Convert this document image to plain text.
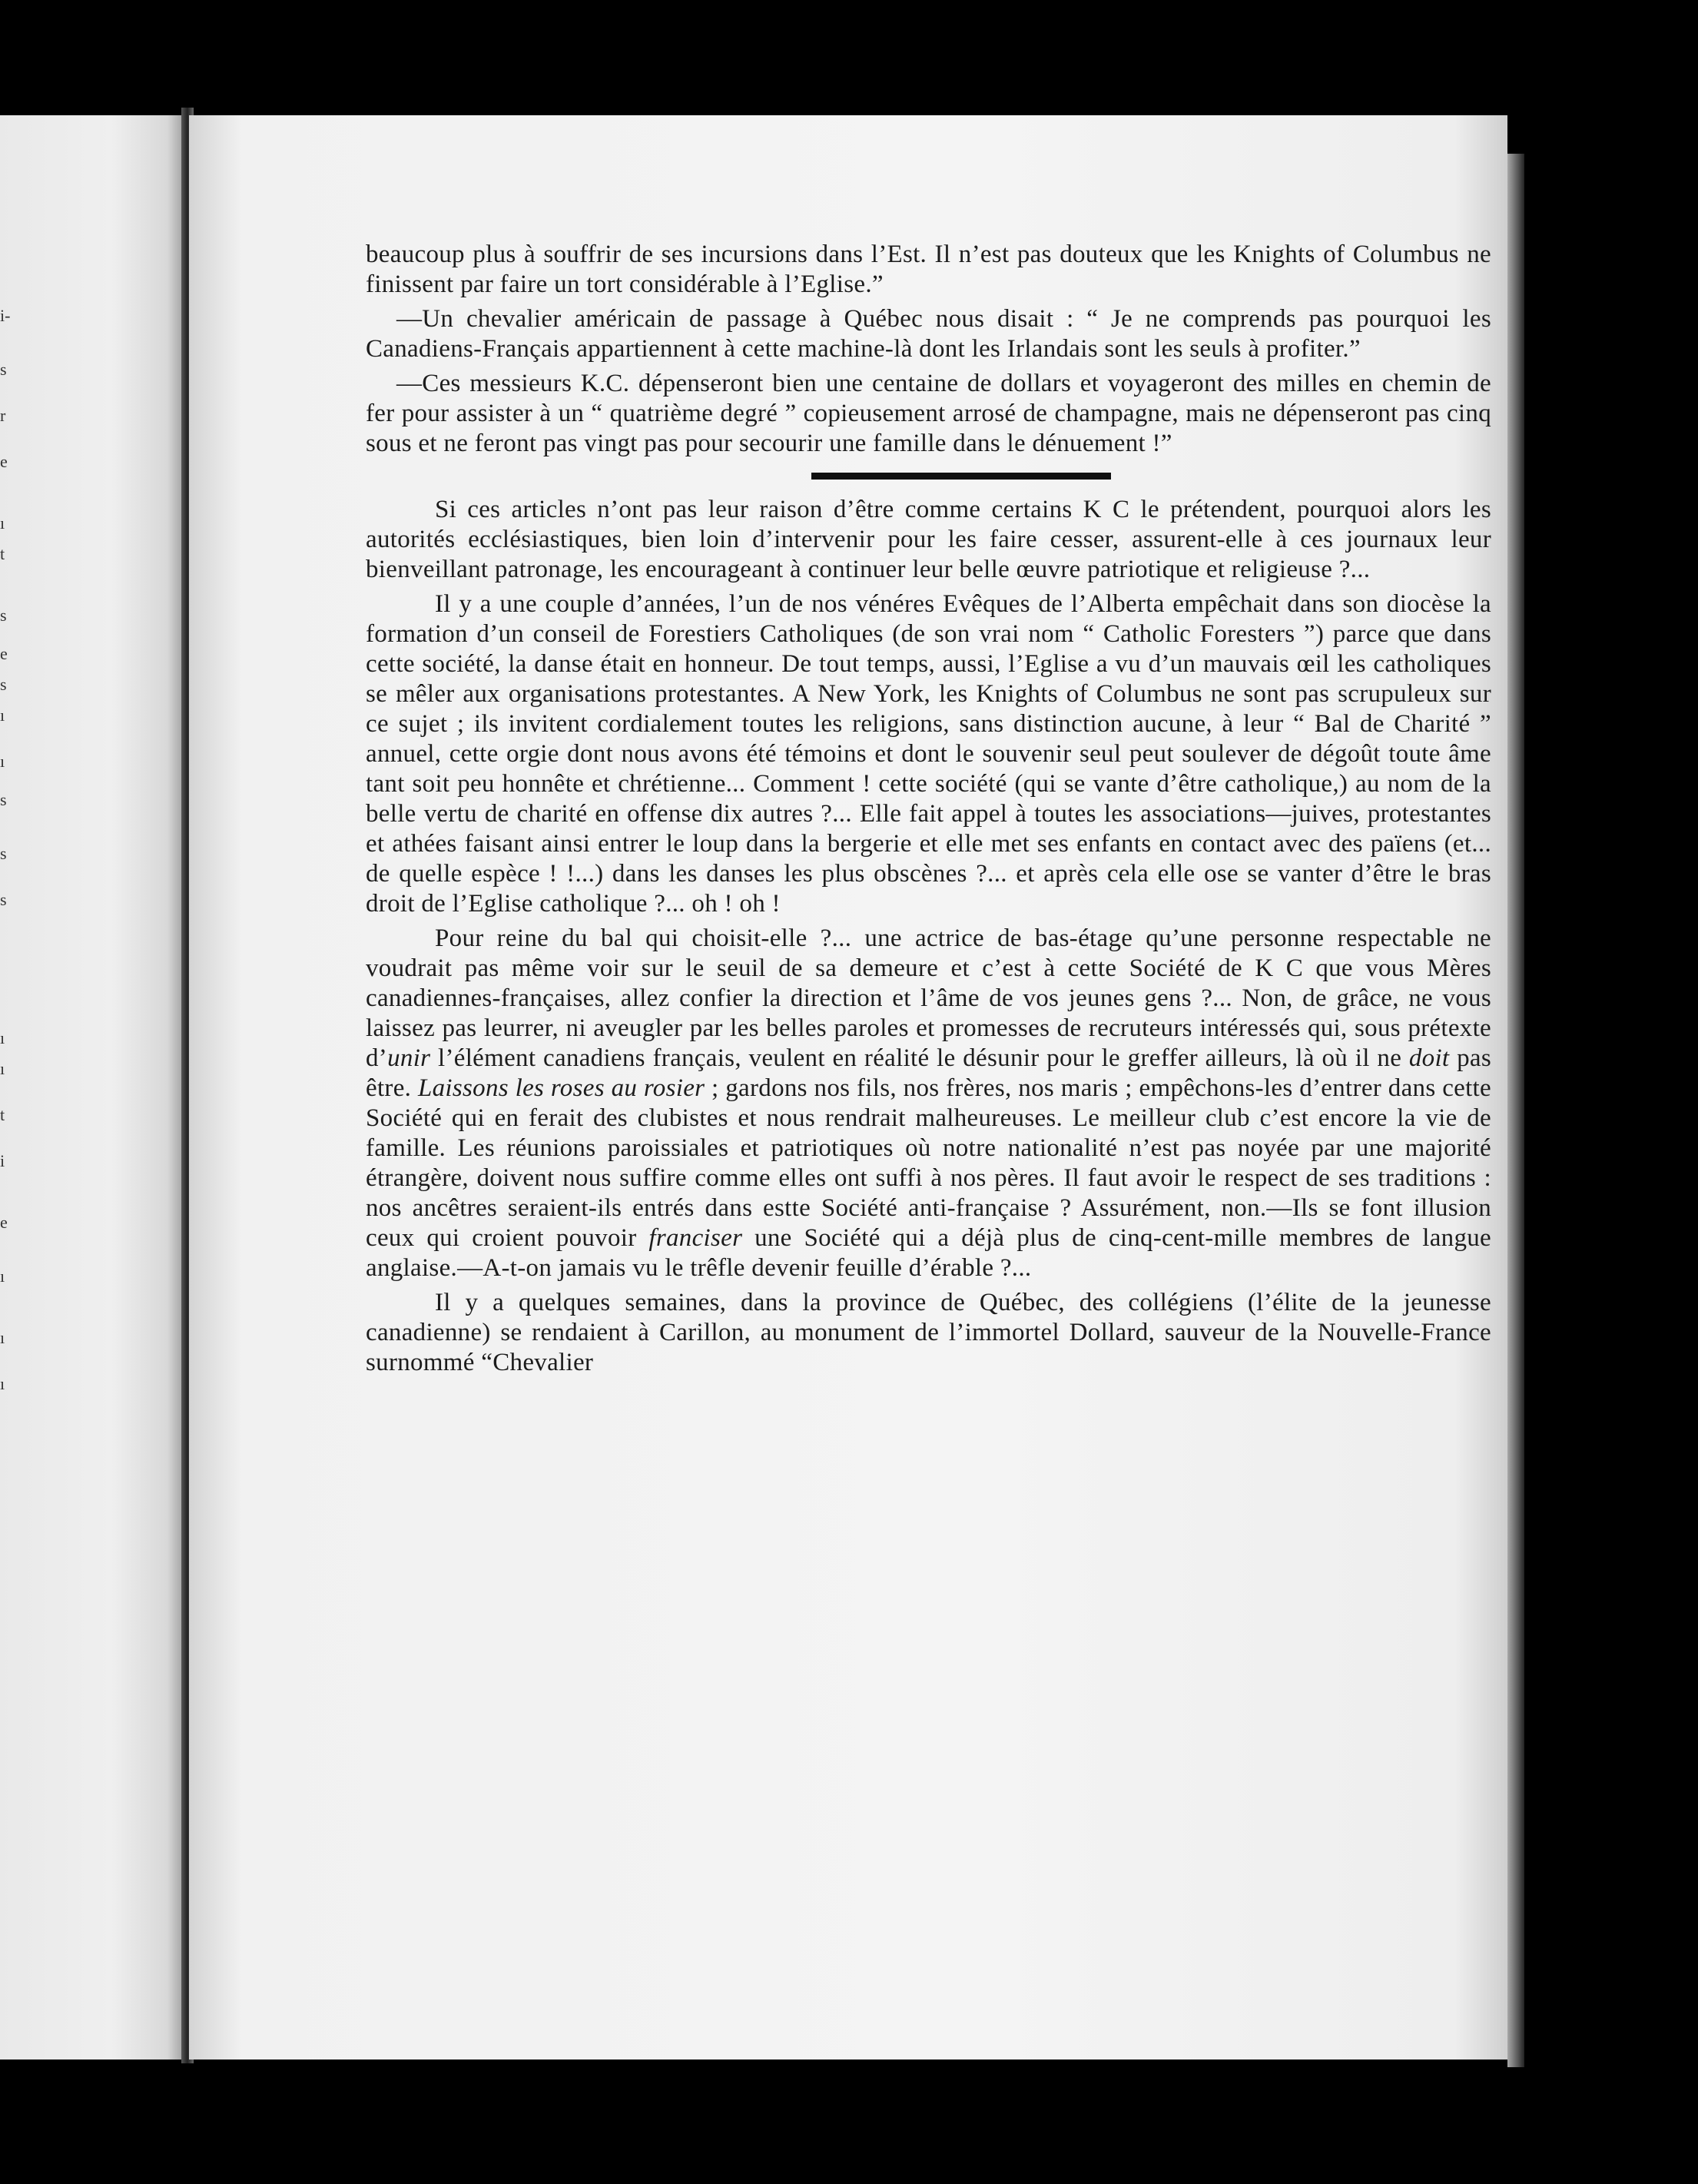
i-
s
r
e
ı
t
s
e
s
ı
ı
s
s
s
ı
ı
t
i
e
ı
ı
ı

beaucoup plus à souffrir de ses incursions dans l’Est. Il n’est pas douteux que les Knights of Columbus ne finissent par faire un tort considérable à l’Eglise.”

—Un chevalier américain de passage à Québec nous disait : “ Je ne comprends pas pourquoi les Canadiens-Français appartiennent à cette machine-là dont les Irlandais sont les seuls à profiter.”

—Ces messieurs K.C. dépenseront bien une centaine de dollars et voyageront des milles en chemin de fer pour assister à un “ quatrième degré ” copieusement arrosé de champagne, mais ne dépenseront pas cinq sous et ne feront pas vingt pas pour secourir une famille dans le dénuement !”

Si ces articles n’ont pas leur raison d’être comme certains K C le prétendent, pourquoi alors les autorités ecclésiastiques, bien loin d’intervenir pour les faire cesser, assurent-elle à ces journaux leur bienveillant patronage, les encourageant à continuer leur belle œuvre patriotique et religieuse ?...

Il y a une couple d’années, l’un de nos vénéres Evêques de l’Alberta empêchait dans son diocèse la formation d’un conseil de Forestiers Catholiques (de son vrai nom “ Catholic Foresters ”) parce que dans cette société, la danse était en honneur. De tout temps, aussi, l’Eglise a vu d’un mauvais œil les catholiques se mêler aux organisations protestantes. A New York, les Knights of Columbus ne sont pas scrupuleux sur ce sujet ; ils invitent cordialement toutes les religions, sans distinction aucune, à leur “ Bal de Charité ” annuel, cette orgie dont nous avons été témoins et dont le souvenir seul peut soulever de dégoût toute âme tant soit peu honnête et chrétienne... Comment ! cette société (qui se vante d’être catholique,) au nom de la belle vertu de charité en offense dix autres ?... Elle fait appel à toutes les associations—juives, protestantes et athées faisant ainsi entrer le loup dans la bergerie et elle met ses enfants en contact avec des païens (et... de quelle espèce ! !...) dans les danses les plus obscènes ?... et après cela elle ose se vanter d’être le bras droit de l’Eglise catholique ?... oh ! oh !

Pour reine du bal qui choisit-elle ?... une actrice de bas-étage qu’une personne respectable ne voudrait pas même voir sur le seuil de sa demeure et c’est à cette Société de K C que vous Mères canadiennes-françaises, allez confier la direction et l’âme de vos jeunes gens ?... Non, de grâce, ne vous laissez pas leurrer, ni aveugler par les belles paroles et promesses de recruteurs intéressés qui, sous prétexte d’unir l’élément canadiens français, veulent en réalité le désunir pour le greffer ailleurs, là où il ne doit pas être. Laissons les roses au rosier ; gardons nos fils, nos frères, nos maris ; empêchons-les d’entrer dans cette Société qui en ferait des clubistes et nous rendrait malheureuses. Le meilleur club c’est encore la vie de famille. Les réunions paroissiales et patriotiques où notre nationalité n’est pas noyée par une majorité étrangère, doivent nous suffire comme elles ont suffi à nos pères. Il faut avoir le respect de ses traditions : nos ancêtres seraient-ils entrés dans estte Société anti-française ? Assurément, non.—Ils se font illusion ceux qui croient pouvoir franciser une Société qui a déjà plus de cinq-cent-mille membres de langue anglaise.—A-t-on jamais vu le trêfle devenir feuille d’érable ?...

Il y a quelques semaines, dans la province de Québec, des collégiens (l’élite de la jeunesse canadienne) se rendaient à Carillon, au monument de l’immortel Dollard, sauveur de la Nouvelle-France surnommé “Chevalier
